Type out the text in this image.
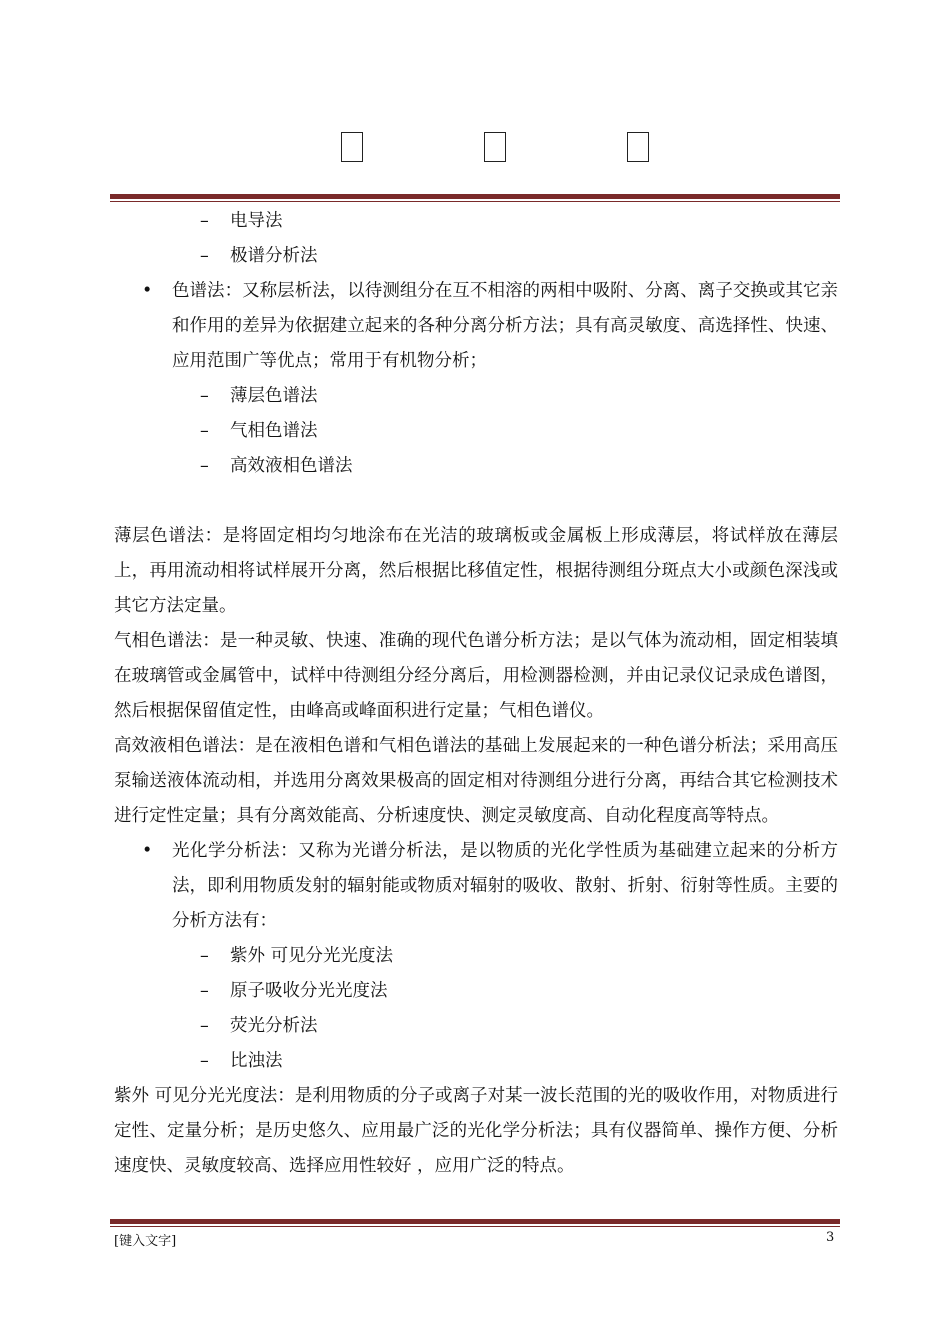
– 电导法
– 极谱分析法
• 色谱法：又称层析法，以待测组分在互不相溶的两相中吸附、分离、离子交换或其它亲和作用的差异为依据建立起来的各种分离分析方法；具有高灵敏度、高选择性、快速、应用范围广等优点；常用于有机物分析；
– 薄层色谱法
– 气相色谱法
– 高效液相色谱法
薄层色谱法：是将固定相均匀地涂布在光洁的玻璃板或金属板上形成薄层，将试样放在薄层上，再用流动相将试样展开分离，然后根据比移值定性，根据待测组分斑点大小或颜色深浅或其它方法定量。
气相色谱法：是一种灵敏、快速、准确的现代色谱分析方法；是以气体为流动相，固定相装填在玻璃管或金属管中，试样中待测组分经分离后，用检测器检测，并由记录仪记录成色谱图，然后根据保留值定性，由峰高或峰面积进行定量；气相色谱仪。
高效液相色谱法：是在液相色谱和气相色谱法的基础上发展起来的一种色谱分析法；采用高压泵输送液体流动相，并选用分离效果极高的固定相对待测组分进行分离，再结合其它检测技术进行定性定量；具有分离效能高、分析速度快、测定灵敏度高、自动化程度高等特点。
• 光化学分析法：又称为光谱分析法，是以物质的光化学性质为基础建立起来的分析方法，即利用物质发射的辐射能或物质对辐射的吸收、散射、折射、衍射等性质。主要的分析方法有：
– 紫外 可见分光光度法
– 原子吸收分光光度法
– 荧光分析法
– 比浊法
紫外 可见分光光度法：是利用物质的分子或离子对某一波长范围的光的吸收作用，对物质进行定性、定量分析；是历史悠久、应用最广泛的光化学分析法；具有仪器简单、操作方便、分析速度快、灵敏度较高、选择应用性较好 ，应用广泛的特点。
[键入文字]	3
